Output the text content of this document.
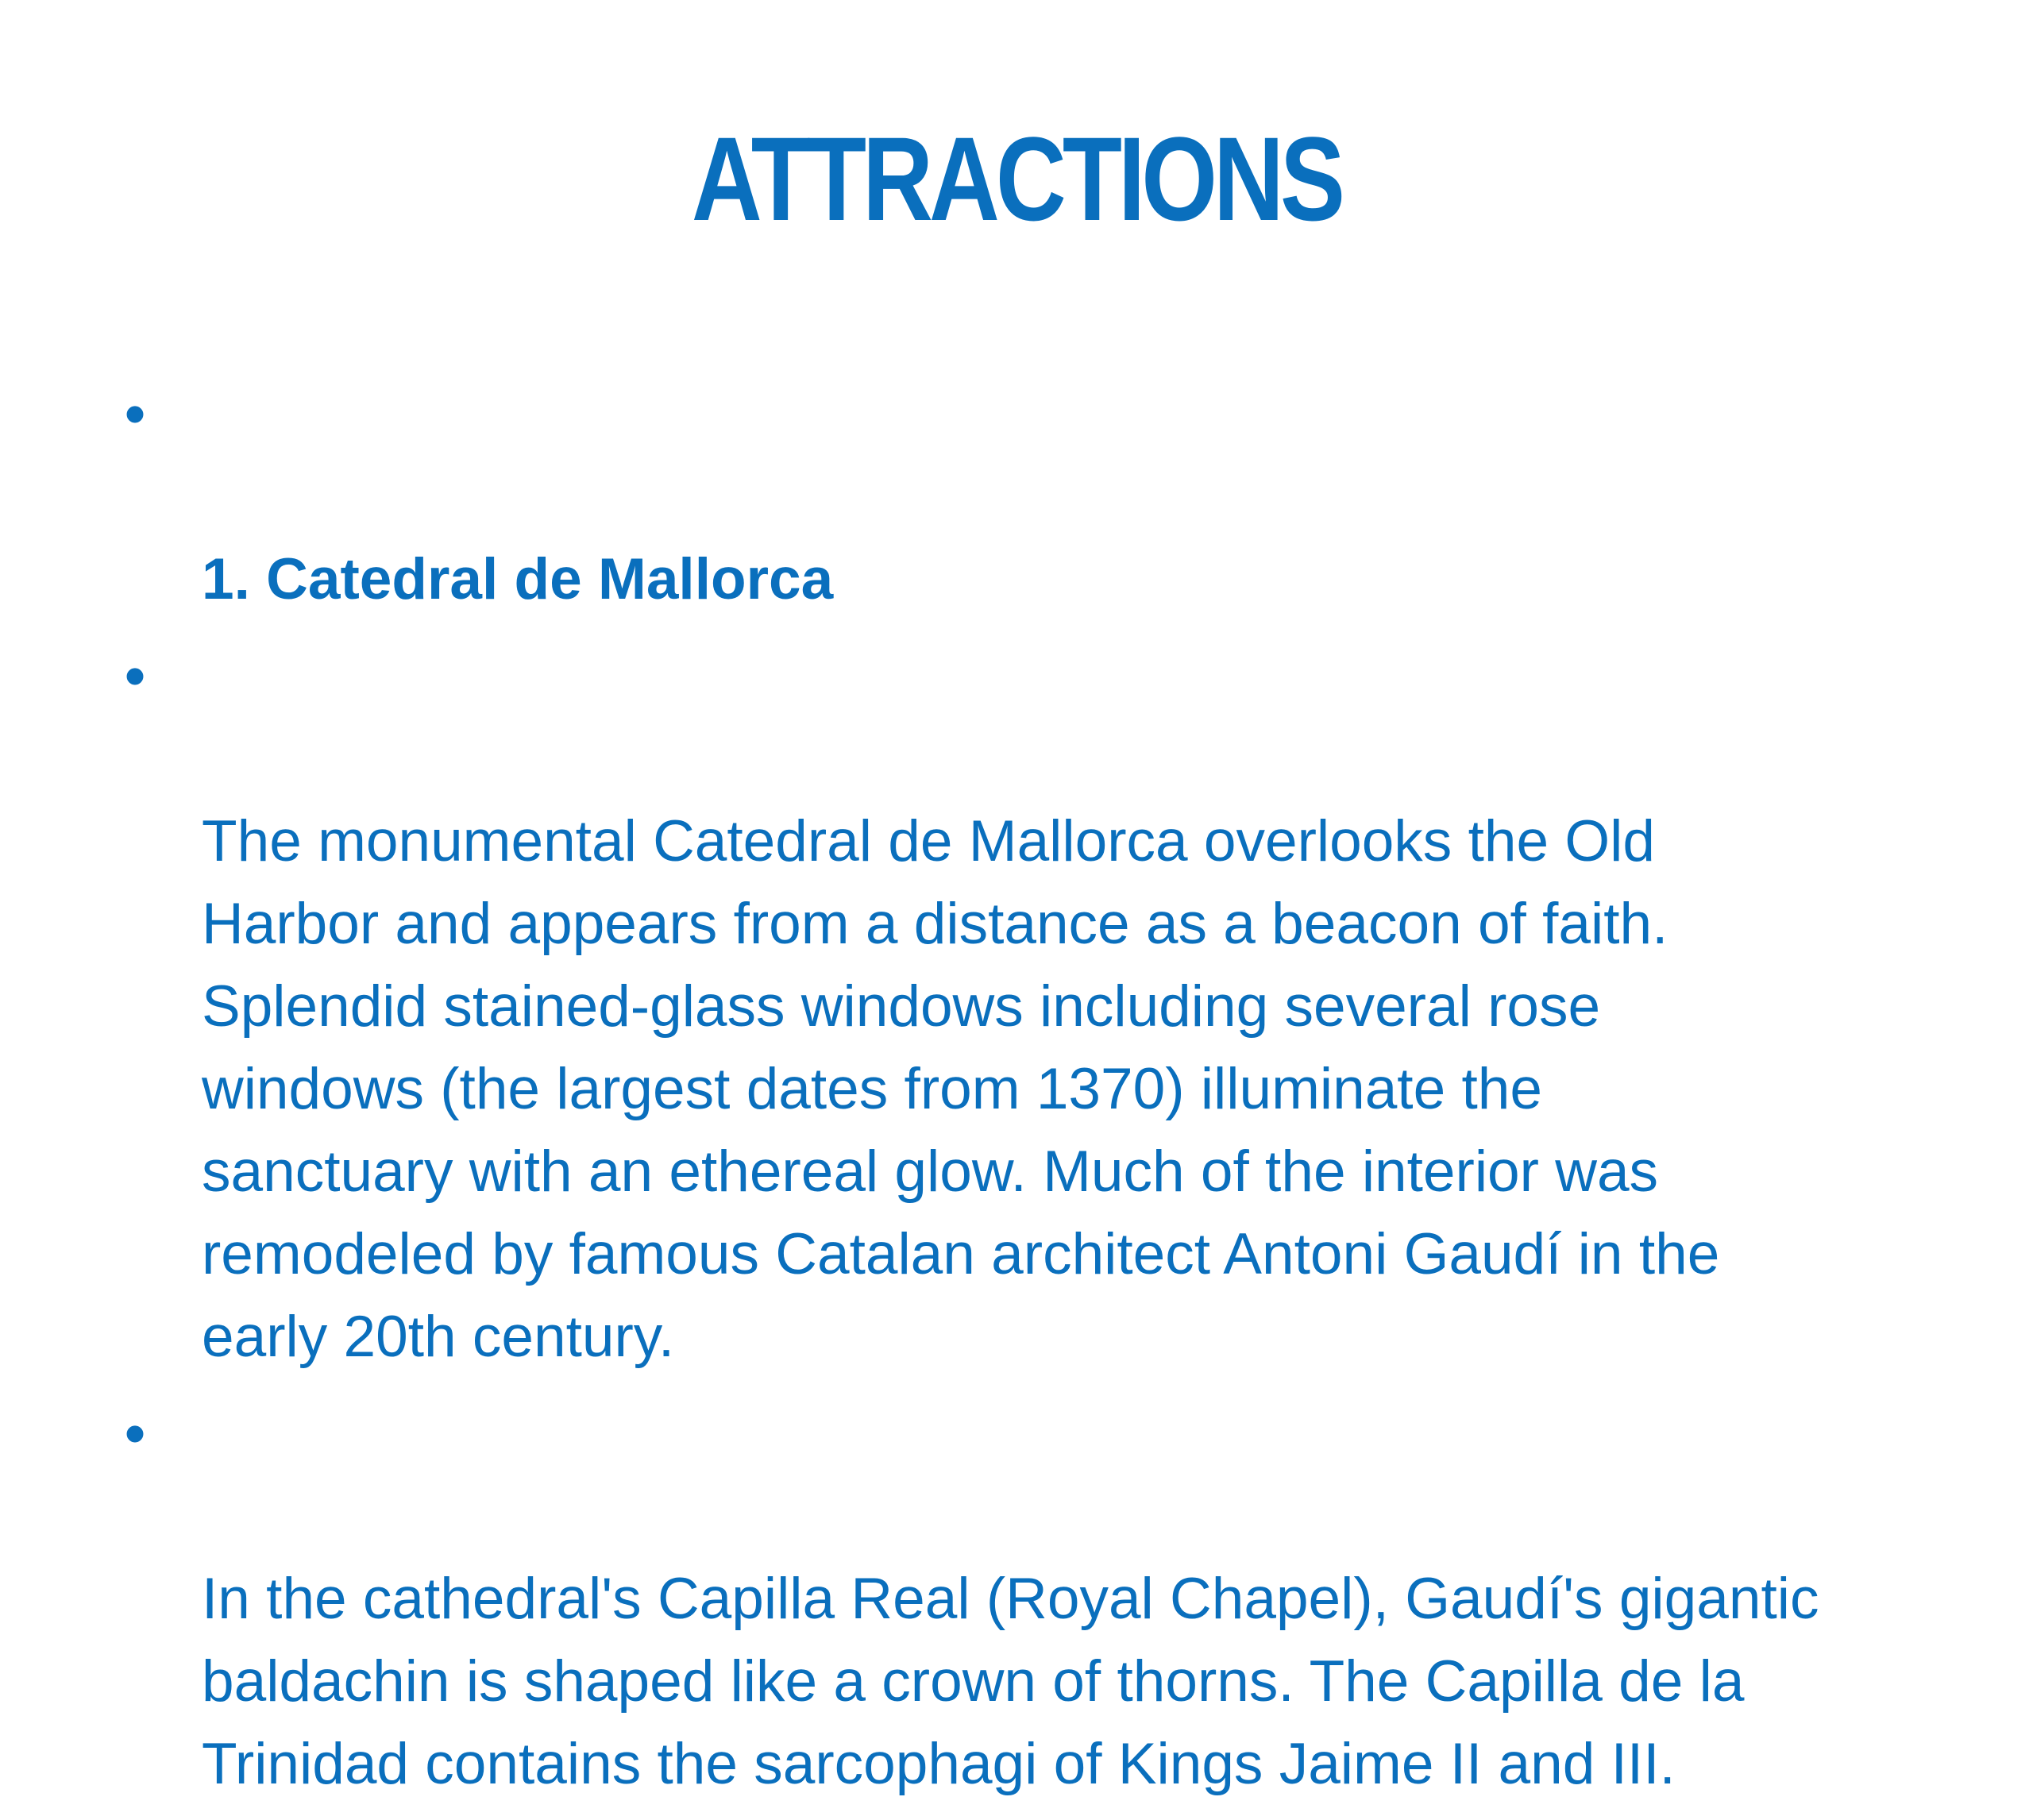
ATTRACTIONS

•

1. Catedral de Mallorca

•

The monumental Catedral de Mallorca overlooks the Old
Harbor and appears from a distance as a beacon of faith.
Splendid stained-glass windows including several rose
windows (the largest dates from 1370) illuminate the
sanctuary with an ethereal glow. Much of the interior was
remodeled by famous Catalan architect Antoni Gaudí in the
early 20th century.

•

In the cathedral's Capilla Real (Royal Chapel), Gaudí's gigantic
baldachin is shaped like a crown of thorns. The Capilla de la
Trinidad contains the sarcophagi of Kings Jaime II and III.
